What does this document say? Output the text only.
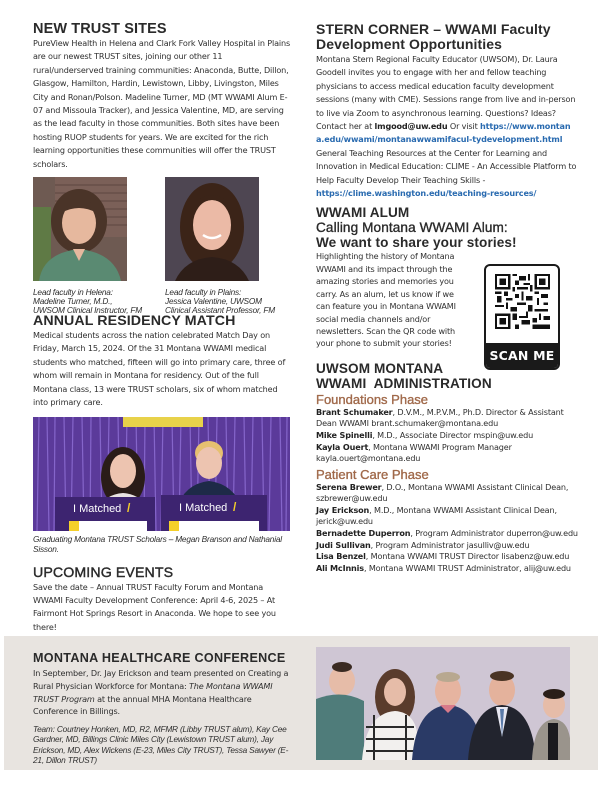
NEW TRUST SITES

PureView Health in Helena and Clark Fork Valley Hospital in Plains are our newest TRUST sites, joining our other 11 rural/underserved training communities: Anaconda, Butte, Dillon, Glasgow, Hamilton, Hardin, Lewistown, Libby, Livingston, Miles City and Ronan/Polson. Madeline Turner, MD (MT WWAMI Alum E-07 and Missoula Tracker), and Jessica Valentine, MD, are serving as the lead faculty in those communities. Both sites have been hosting RUOP students for years. We are excited for the rich learning opportunities these communities will offer the TRUST scholars.

Lead faculty in Helena:
Madeline Turner, M.D.,
UWSOM Clinical Instructor, FM
Lead faculty in Plains:
Jessica Valentine, UWSOM
Clinical Assistant Professor, FM
ANNUAL RESIDENCY MATCH

Medical students across the nation celebrated Match Day on Friday, March 15, 2024. Of the 31 Montana WWAMI medical students who matched, fifteen will go into primary care, three of whom will remain in Montana for residency. Out of the full Montana class, 13 were TRUST scholars, six of whom matched into primary care.

I Matched /	I Matched /

Graduating Montana TRUST Scholars – Megan Branson and Nathanial Sisson.

UPCOMING EVENTS

Save the date – Annual TRUST Faculty Forum and Montana WWAMI Faculty Development Conference: April 4-6, 2025 – At Fairmont Hot Springs Resort in Anaconda. We hope to see you there!

STERN CORNER – WWAMI Faculty
Development Opportunities

Montana Stern Regional Faculty Educator (UWSOM), Dr. Laura Goodell invites you to engage with her and fellow teaching physicians to access medical education faculty development sessions (many with CME). Sessions range from live and in-person to live via Zoom to asynchronous learning. Questions? Ideas? Contact her at lmgood@uw.edu Or visit https://www.montana.edu/wwami/montanawwamifacul-tydevelopment.html

General Teaching Resources at the Center for Learning and Innovation in Medical Education: CLIME - An Accessible Platform to Help Faculty Develop Their Teaching Skills - https://clime.washington.edu/teaching-resources/

WWAMI ALUM
Calling Montana WWAMI Alum:
We want to share your stories!

Highlighting the history of Montana WWAMI and its impact through the amazing stories and memories you carry. As an alum, let us know if we can feature you in Montana WWAMI social media channels and/or newsletters. Scan the QR code with your phone to submit your stories!

SCAN ME
UWSOM MONTANA
WWAMI  ADMINISTRATION
Foundations Phase
Brant Schumaker, D.V.M., M.P.V.M., Ph.D. Director & Assistant Dean WWAMI brant.schumaker@montana.edu
Mike Spinelli, M.D., Associate Director mspin@uw.edu
Kayla Ouert, Montana WWAMI Program Manager kayla.ouert@montana.edu
Patient Care Phase
Serena Brewer, D.O., Montana WWAMI Assistant Clinical Dean, szbrewer@uw.edu
Jay Erickson, M.D., Montana WWAMI Assistant Clinical Dean, jerick@uw.edu
Bernadette Duperron, Program Administrator duperron@uw.edu
Judi Sullivan, Program Administrator jasulliv@uw.edu
Lisa Benzel, Montana WWAMI TRUST Director lisabenz@uw.edu
Ali McInnis, Montana WWAMI TRUST Administrator, alij@uw.edu
MONTANA HEALTHCARE CONFERENCE

In September, Dr. Jay Erickson and team presented on Creating a Rural Physician Workforce for Montana: The Montana WWAMI TRUST Program at the annual MHA Montana Healthcare Conference in Billings.

Team: Courtney Honken, MD, R2, MFMR (Libby TRUST alum), Kay Cee Gardner, MD, Billings Clinic Miles City (Lewistown TRUST alum), Jay Erickson, MD, Alex Wickens (E-23, Miles City TRUST), Tessa Sawyer (E-21, Dillon TRUST)
